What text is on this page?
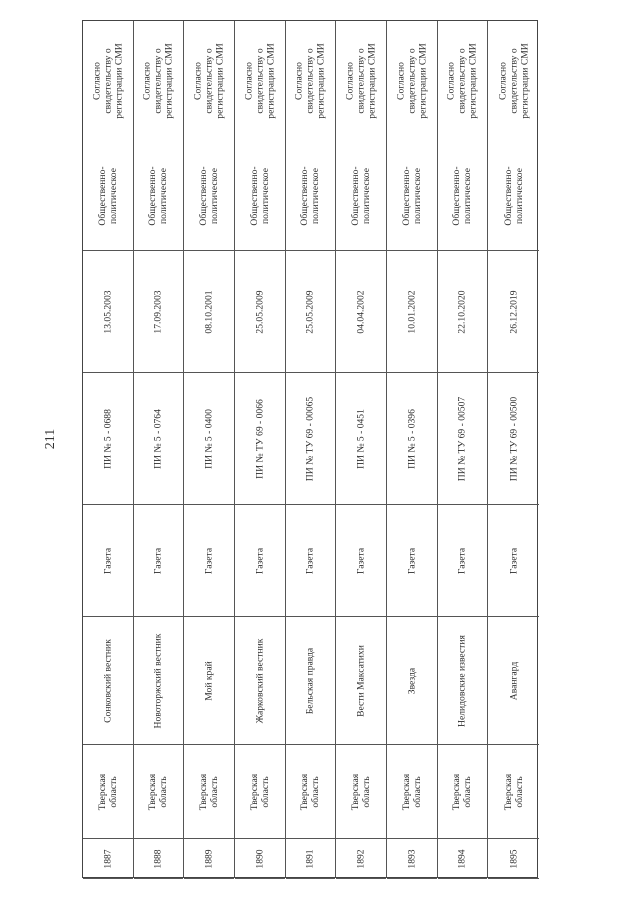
211
1887
Тверская
область
Сонковский вестник
Газета
ПИ № 5 - 0688
13.05.2003
Общественно-
политическое
Согласно
свидетельству о
регистрации СМИ
1888
Тверская
область
Новоторжский вестник
Газета
ПИ № 5 - 0764
17.09.2003
Общественно-
политическое
Согласно
свидетельству о
регистрации СМИ
1889
Тверская
область
Мой край
Газета
ПИ № 5 - 0400
08.10.2001
Общественно-
политическое
Согласно
свидетельству о
регистрации СМИ
1890
Тверская
область
Жарковский вестник
Газета
ПИ № ТУ 69 - 0066
25.05.2009
Общественно-
политическое
Согласно
свидетельству о
регистрации СМИ
1891
Тверская
область
Бельская правда
Газета
ПИ № ТУ 69 - 00065
25.05.2009
Общественно-
политическое
Согласно
свидетельству о
регистрации СМИ
1892
Тверская
область
Вести Максатихи
Газета
ПИ № 5 - 0451
04.04.2002
Общественно-
политическое
Согласно
свидетельству о
регистрации СМИ
1893
Тверская
область
Звезда
Газета
ПИ № 5 - 0396
10.01.2002
Общественно-
политическое
Согласно
свидетельству о
регистрации СМИ
1894
Тверская
область
Нелидовские известия
Газета
ПИ № ТУ 69 - 00507
22.10.2020
Общественно-
политическое
Согласно
свидетельству о
регистрации СМИ
1895
Тверская
область
Авангард
Газета
ПИ № ТУ 69 - 00500
26.12.2019
Общественно-
политическое
Согласно
свидетельству о
регистрации СМИ
